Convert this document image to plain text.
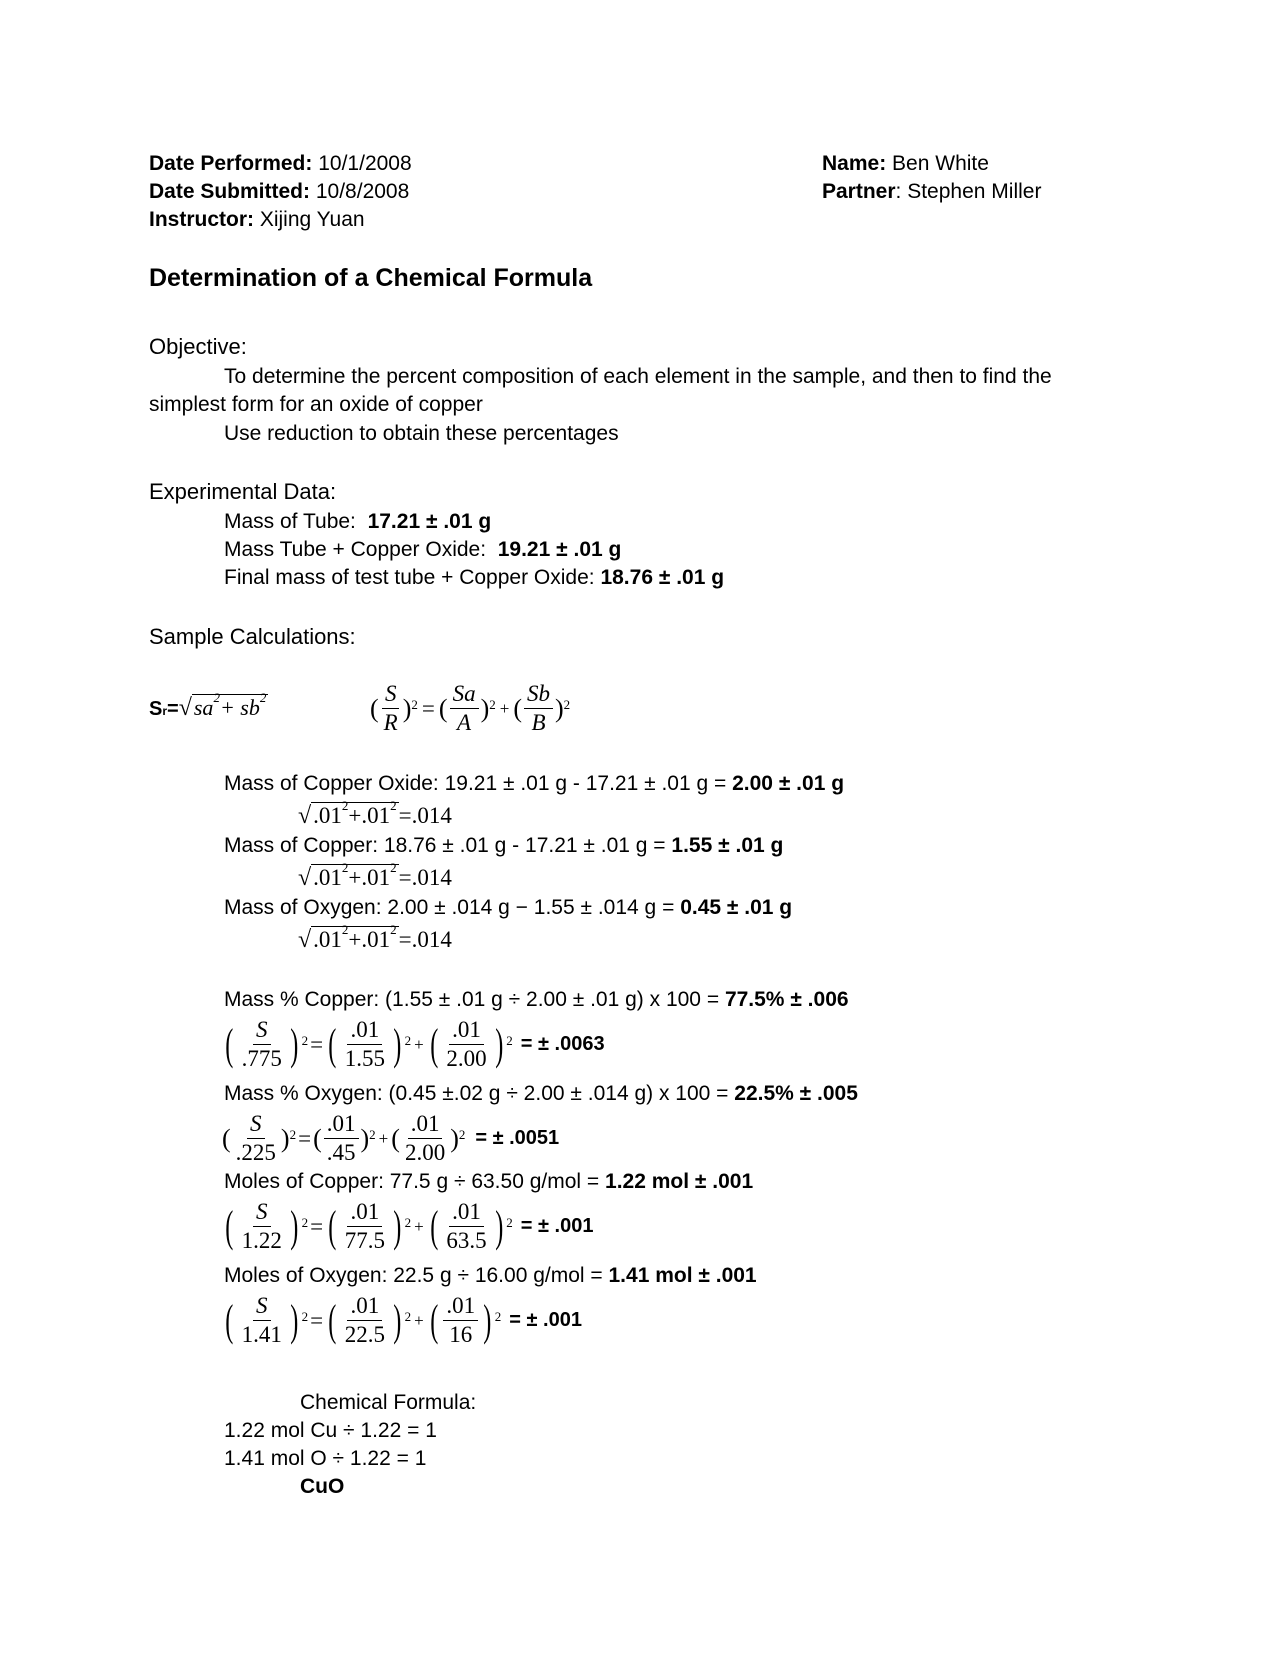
Date Performed: 10/1/2008
Date Submitted: 10/8/2008
Instructor: Xijing Yuan
Name: Ben White
Partner: Stephen Miller
Determination of a Chemical Formula
Objective:
To determine the percent composition of each element in the sample, and then to find the
simplest form for an oxide of copper
Use reduction to obtain these percentages
Experimental Data:
Mass of Tube: 17.21 ± .01 g
Mass Tube + Copper Oxide: 19.21 ± .01 g
Final mass of test tube + Copper Oxide: 18.76 ± .01 g
Sample Calculations:
$Sr=√sa^2+ sb^2$	( $\frac{S}{R}$ ) 2 = ( $\frac{Sa}{A}$ ) 2 + ( $\frac{Sb}{B}$ ) 2
Mass of Copper Oxide: 19.21 ± .01 g - 17.21 ± .01 g = 2.00 ± .01 g
$√.01^2+.01^2=.014$
Mass of Copper: 18.76 ± .01 g - 17.21 ± .01 g = 1.55 ± .01 g
$√.01^2+.01^2=.014$
Mass of Oxygen: 2.00 ± .014 g − 1.55 ± .014 g = 0.45 ± .01 g
$√.01^2+.01^2=.014$
Mass % Copper: (1.55 ± .01 g ÷ 2.00 ± .01 g) x 100 = 77.5% ± .006
( $\frac{S}{.775}$ ) 2 = ( $\frac{.01}{1.55}$ ) 2 + ( $\frac{.01}{2.00}$ ) 2 = ± .0063
Mass % Oxygen: (0.45 ±.02 g ÷ 2.00 ± .014 g) x 100 = 22.5% ± .005
( $\frac{S}{.225}$ ) 2 = ( $\frac{.01}{.45}$ ) 2 + ( $\frac{.01}{2.00}$ ) 2 = ± .0051
Moles of Copper: 77.5 g ÷ 63.50 g/mol = 1.22 mol ± .001
( $\frac{S}{1.22}$ ) 2 = ( $\frac{.01}{77.5}$ ) 2 + ( $\frac{.01}{63.5}$ ) 2 = ± .001
Moles of Oxygen: 22.5 g ÷ 16.00 g/mol = 1.41 mol ± .001
( $\frac{S}{1.41}$ ) 2 = ( $\frac{.01}{22.5}$ ) 2 + ( $\frac{.01}{16}$ ) 2 = ± .001
Chemical Formula:
1.22 mol Cu ÷ 1.22 = 1
1.41 mol O ÷ 1.22 = 1
CuO
